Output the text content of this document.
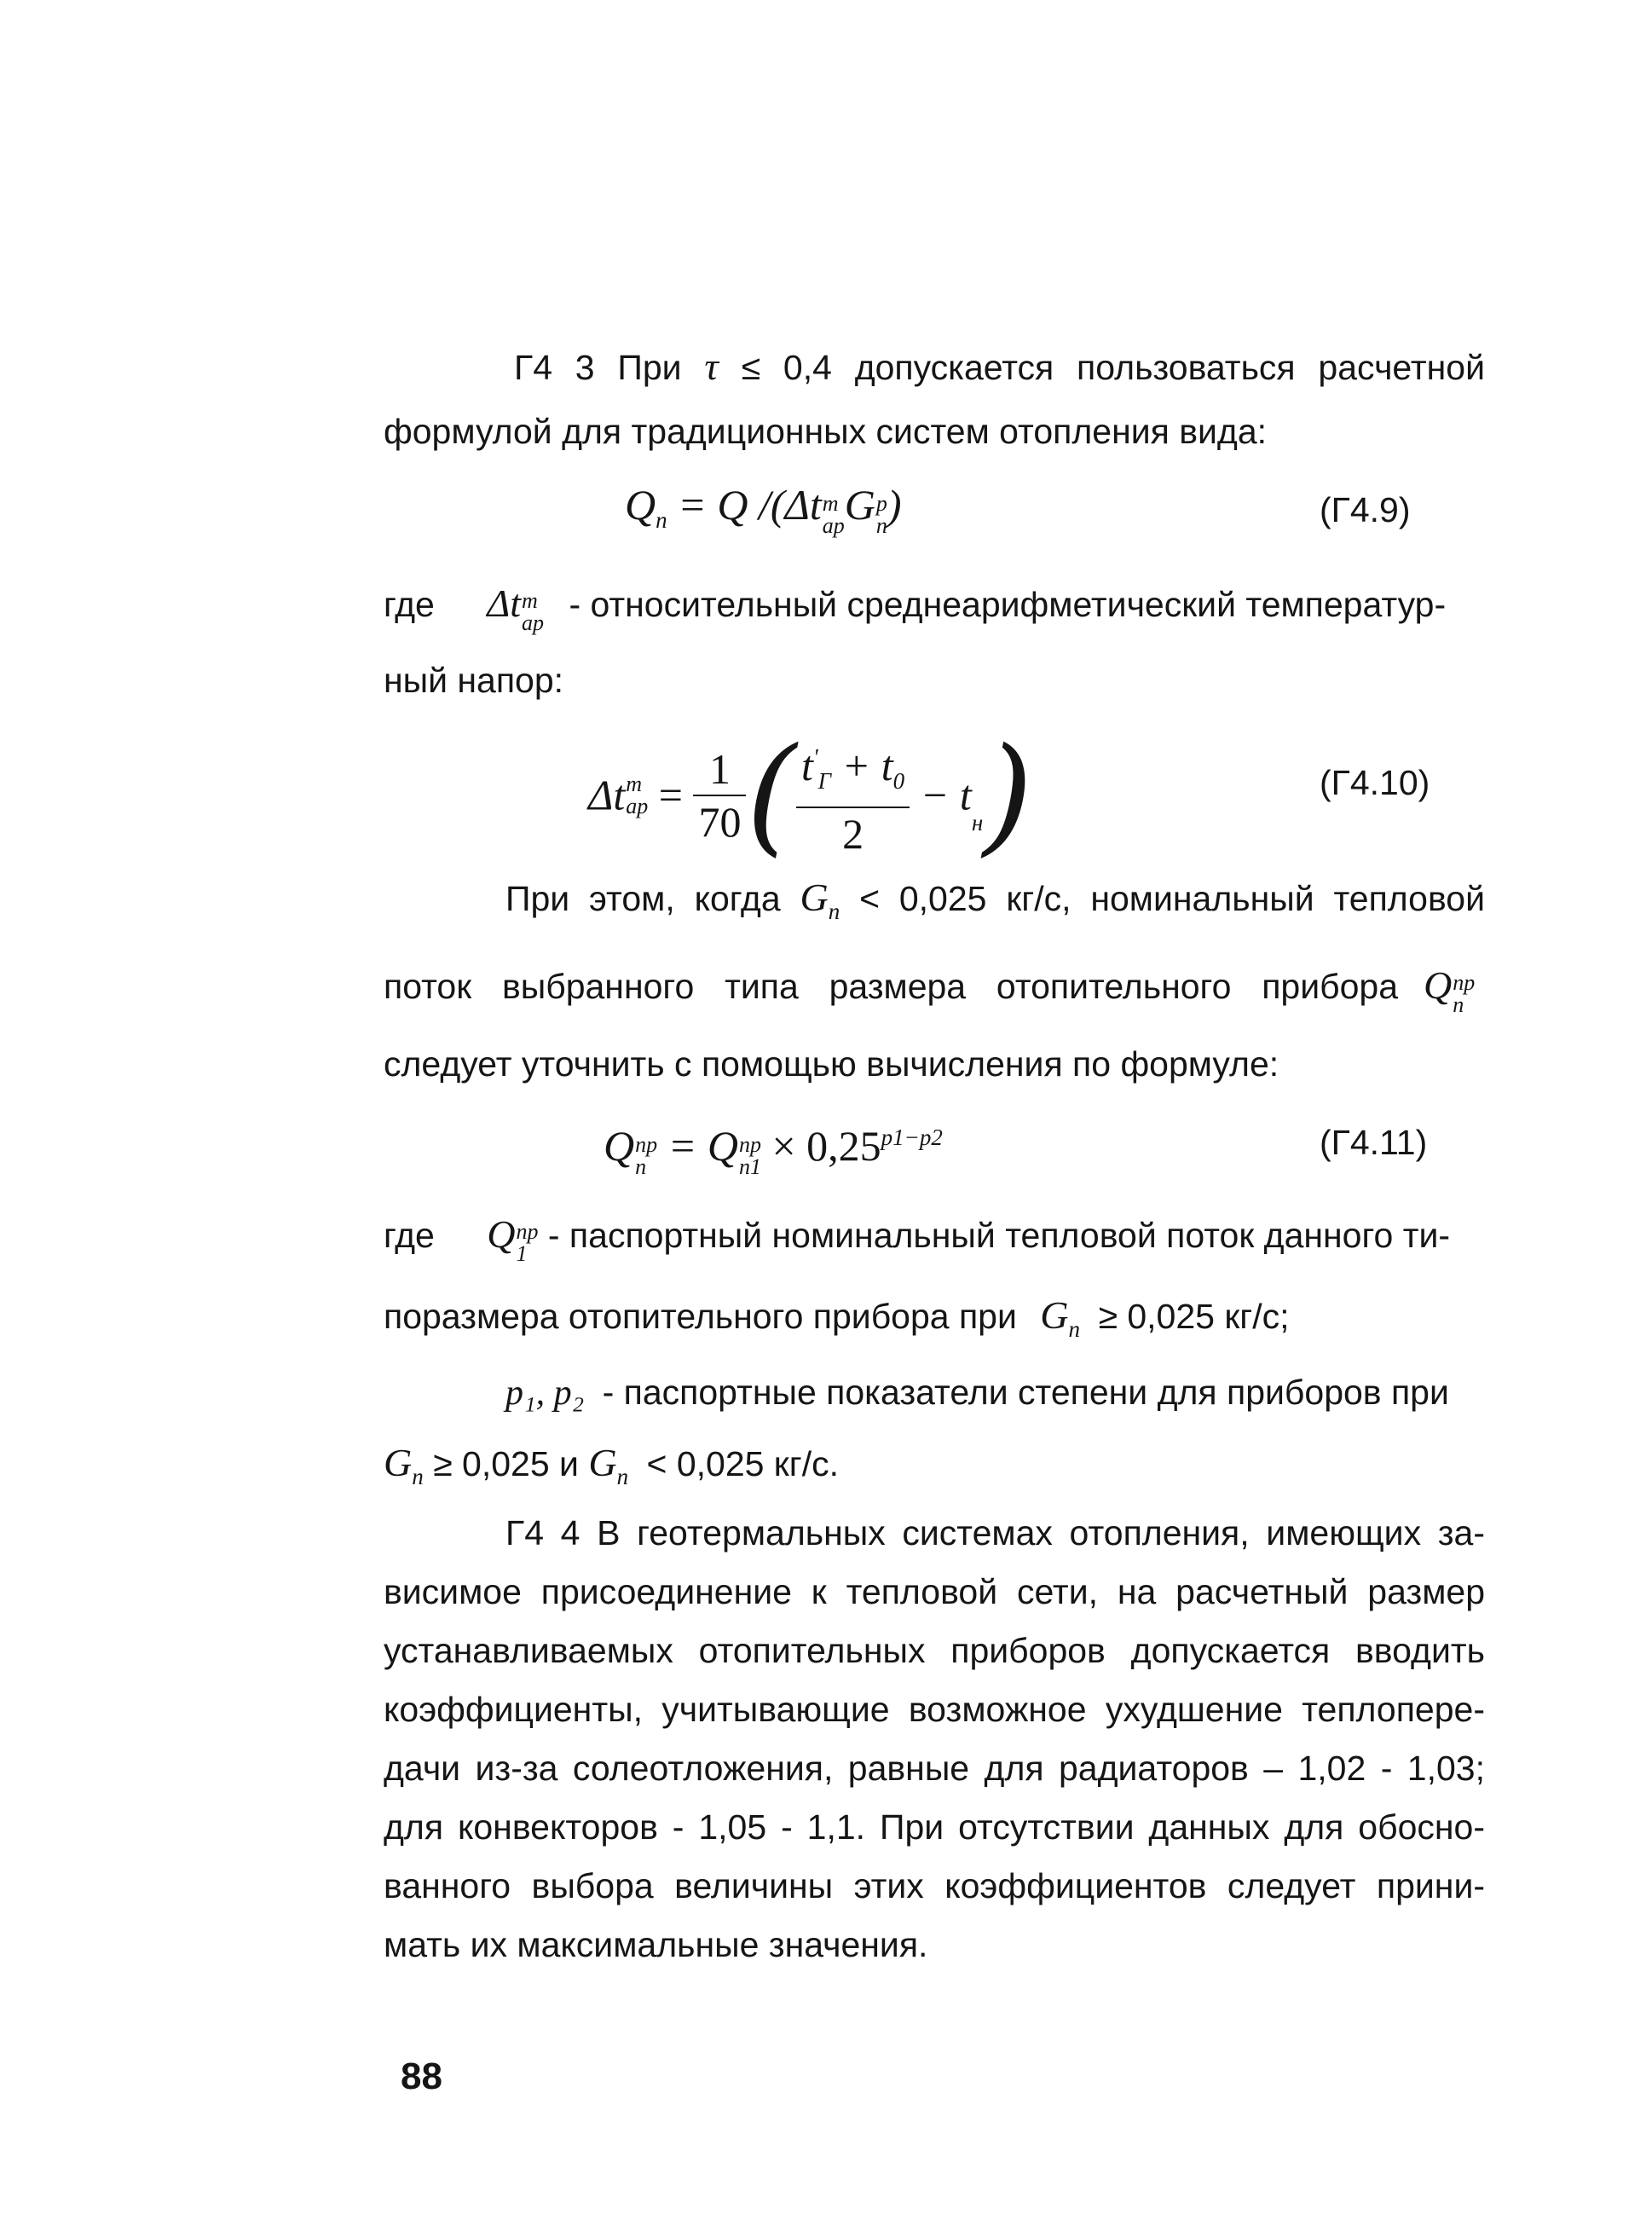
Г4 3 При τ ≤ 0,4 допускается пользоваться расчетной
формулой для традиционных систем отопления вида:
$Q_n = Q$ /(Δt m
ap G p
n )	(Г4.9)
где Δt m
ap - относительный среднеарифметический температур-
ный напор:
Δt m
ap = $\frac{1}{70}$ ( $\frac{t'_Г + t_0}{2} - t_н$)	(Г4.10)
При этом, когда $G_n < 0,025$ кг/с, номинальный тепловой
поток выбранного типа размера отопительного прибора Q пр
n
следует уточнить с помощью вычисления по формуле:
Q пр
n = Q пр
$n1 \times 0,25^{p1-p2}$	(Г4.11)
где Q пр
1 - паспортный номинальный тепловой поток данного ти-
поразмера отопительного прибора при $G_n \ge 0,025$ кг/с;
p₁, p₂ - паспортные показатели степени для приборов при
$G_n \ge 0,025$ и $G_n < 0,025$ кг/с.
Г4 4 В геотермальных системах отопления, имеющих за-
висимое присоединение к тепловой сети, на расчетный размер
устанавливаемых отопительных приборов допускается вводить
коэффициенты, учитывающие возможное ухудшение теплопере-
дачи из-за солеотложения, равные для радиаторов – 1,02 - 1,03;
для конвекторов - 1,05 - 1,1. При отсутствии данных для обосно-
ванного выбора величины этих коэффициентов следует прини-
мать их максимальные значения.
88
